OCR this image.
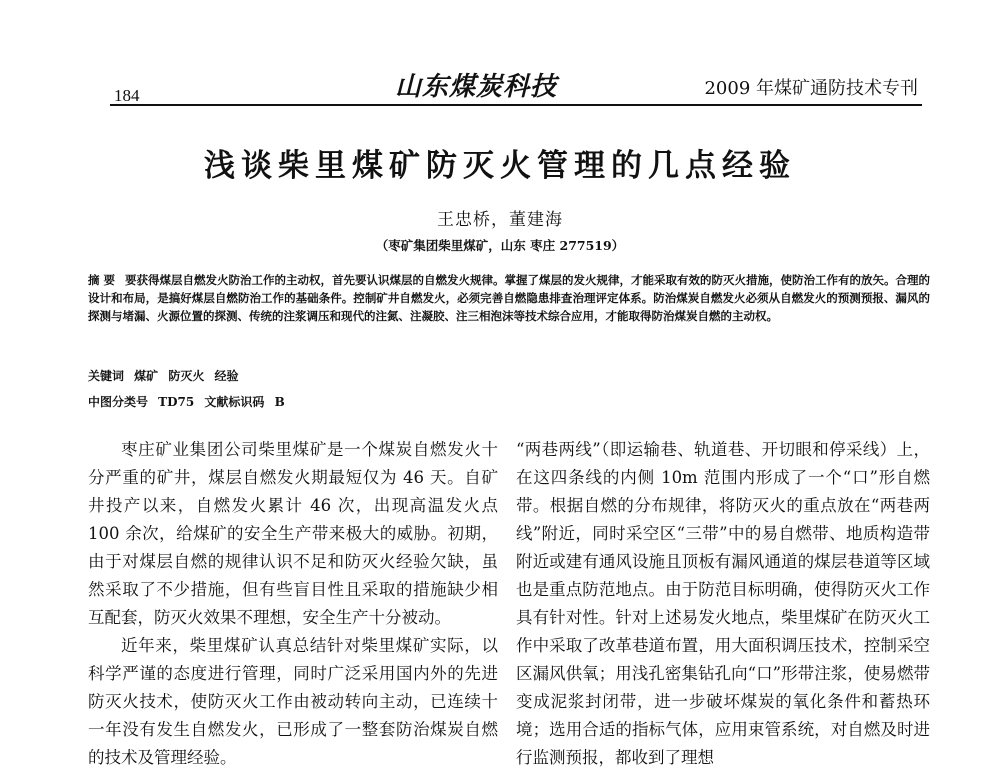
184	山东煤炭科技	2009 年煤矿通防技术专刊
浅谈柴里煤矿防灭火管理的几点经验
王忠桥，董建海
（枣矿集团柴里煤矿，山东 枣庄 277519）
摘 要 要获得煤层自燃发火防治工作的主动权，首先要认识煤层的自燃发火规律。掌握了煤层的发火规律，才能采取有效的防灭火措施，使防治工作有的放矢。合理的设计和布局，是搞好煤层自燃防治工作的基础条件。控制矿井自燃发火，必须完善自燃隐患排查治理评定体系。防治煤炭自燃发火必须从自燃发火的预测预报、漏风的探测与堵漏、火源位置的探测、传统的注浆调压和现代的注氮、注凝胶、注三相泡沫等技术综合应用，才能取得防治煤炭自燃的主动权。
关键词 煤矿 防灭火 经验
中图分类号 TD75 文献标识码 B

枣庄矿业集团公司柴里煤矿是一个煤炭自燃发火十分严重的矿井，煤层自燃发火期最短仅为 46 天。自矿井投产以来，自燃发火累计 46 次，出现高温发火点 100 余次，给煤矿的安全生产带来极大的威胁。初期，由于对煤层自燃的规律认识不足和防灭火经验欠缺，虽然采取了不少措施，但有些盲目性且采取的措施缺少相互配套，防灭火效果不理想，安全生产十分被动。

近年来，柴里煤矿认真总结针对柴里煤矿实际，以科学严谨的态度进行管理，同时广泛采用国内外的先进防灭火技术，使防灭火工作由被动转向主动，已连续十一年没有发生自燃发火，已形成了一整套防治煤炭自燃的技术及管理经验。

“两巷两线”（即运输巷、轨道巷、开切眼和停采线）上，在这四条线的内侧 10m 范围内形成了一个“口”形自燃带。根据自燃的分布规律，将防灭火的重点放在“两巷两线”附近，同时采空区“三带”中的易自燃带、地质构造带附近或建有通风设施且顶板有漏风通道的煤层巷道等区域也是重点防范地点。由于防范目标明确，使得防灭火工作具有针对性。针对上述易发火地点，柴里煤矿在防灭火工作中采取了改革巷道布置，用大面积调压技术，控制采空区漏风供氧；用浅孔密集钻孔向“口”形带注浆，使易燃带变成泥浆封闭带，进一步破坏煤炭的氧化条件和蓄热环境；选用合适的指标气体，应用束管系统，对自燃及时进行监测预报，都收到了理想
